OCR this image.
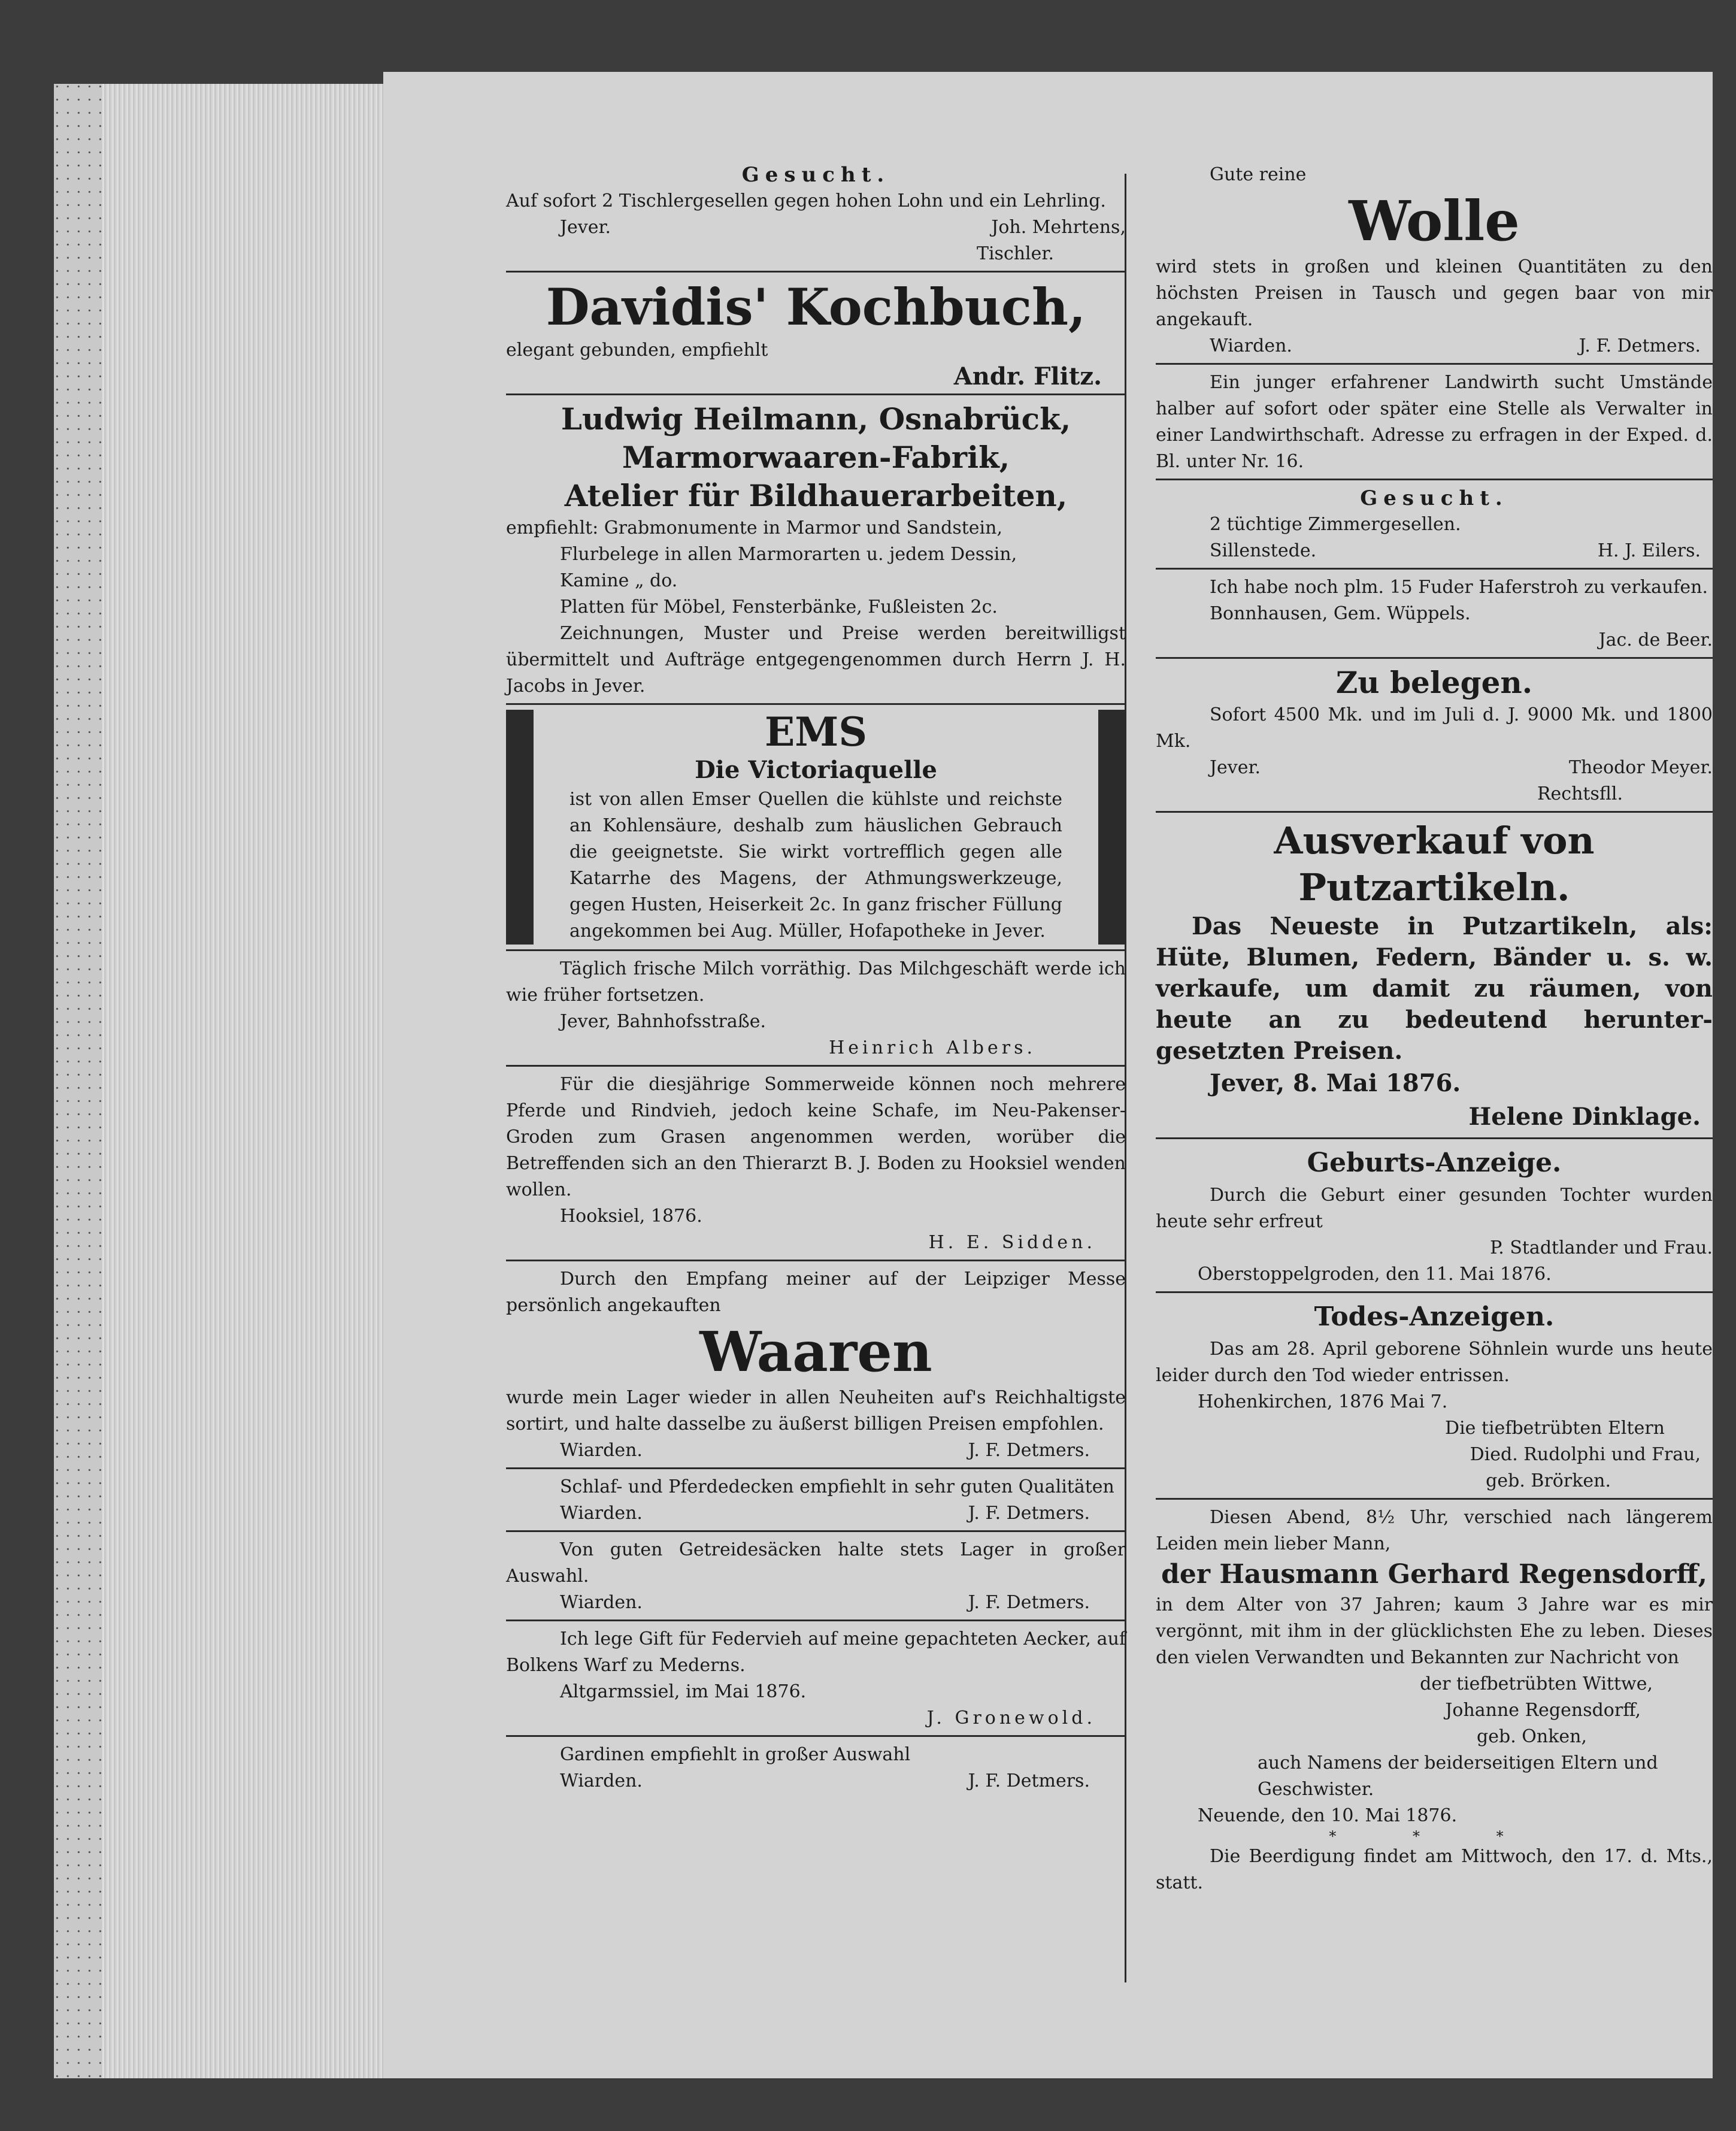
Gesucht.
Auf sofort 2 Tischlergesellen gegen hohen Lohn und ein Lehrling.
Jever.	Joh. Mehrtens,
Tischler.
Davidis' Kochbuch,
elegant gebunden, empfiehlt
Andr. Flitz.
Ludwig Heilmann, Osnabrück,
Marmorwaaren-Fabrik,
Atelier für Bildhauerarbeiten,
empfiehlt: Grabmonumente in Marmor und Sandstein,
Flurbelege in allen Marmorarten u. jedem Dessin,
Kamine „ do.
Platten für Möbel, Fensterbänke, Fußleisten 2c.
Zeichnungen, Muster und Preise werden bereitwilligst übermittelt und Aufträge entgegengenommen durch Herrn J. H. Jacobs in Jever.
EMS
Die Victoriaquelle
ist von allen Emser Quellen die kühlste und reichste an Kohlensäure, deshalb zum häuslichen Gebrauch die geeignetste. Sie wirkt vortrefflich gegen alle Katarrhe des Magens, der Athmungswerkzeuge, gegen Husten, Heiserkeit 2c. In ganz frischer Füllung angekommen bei Aug. Müller, Hofapotheke in Jever.
Täglich frische Milch vorräthig. Das Milchgeschäft werde ich wie früher fortsetzen.
Jever, Bahnhofsstraße.
Heinrich Albers.
Für die diesjährige Sommerweide können noch mehrere Pferde und Rindvieh, jedoch keine Schafe, im Neu-Pakenser-Groden zum Grasen angenommen werden, worüber die Betreffenden sich an den Thierarzt B. J. Boden zu Hooksiel wenden wollen.
Hooksiel, 1876.
H. E. Sidden.
Durch den Empfang meiner auf der Leipziger Messe persönlich angekauften
Waaren
wurde mein Lager wieder in allen Neuheiten auf's Reichhaltigste sortirt, und halte dasselbe zu äußerst billigen Preisen empfohlen.
Wiarden.	J. F. Detmers.
Schlaf- und Pferdedecken empfiehlt in sehr guten Qualitäten
Wiarden.	J. F. Detmers.
Von guten Getreidesäcken halte stets Lager in großer Auswahl.
Wiarden.	J. F. Detmers.
Ich lege Gift für Federvieh auf meine gepachteten Aecker, auf Bolkens Warf zu Mederns.
Altgarmssiel, im Mai 1876.
J. Gronewold.
Gardinen empfiehlt in großer Auswahl
Wiarden.	J. F. Detmers.
Gute reine
Wolle
wird stets in großen und kleinen Quantitäten zu den höchsten Preisen in Tausch und gegen baar von mir angekauft.
Wiarden.	J. F. Detmers.
Ein junger erfahrener Landwirth sucht Umstände halber auf sofort oder später eine Stelle als Verwalter in einer Landwirthschaft. Adresse zu erfragen in der Exped. d. Bl. unter Nr. 16.
Gesucht.
2 tüchtige Zimmergesellen.
Sillenstede.	H. J. Eilers.
Ich habe noch plm. 15 Fuder Haferstroh zu verkaufen.
Bonnhausen, Gem. Wüppels.
Jac. de Beer.
Zu belegen.
Sofort 4500 Mk. und im Juli d. J. 9000 Mk. und 1800 Mk.
Jever.	Theodor Meyer.
Rechtsfll.
Ausverkauf von Putzartikeln.
Das Neueste in Putzartikeln, als: Hüte, Blumen, Federn, Bänder u. s. w. verkaufe, um damit zu räumen, von heute an zu bedeutend heruntergesetzten Preisen.
Jever, 8. Mai 1876.
Helene Dinklage.
Geburts-Anzeige.
Durch die Geburt einer gesunden Tochter wurden heute sehr erfreut
P. Stadtlander und Frau.
Oberstoppelgroden, den 11. Mai 1876.
Todes-Anzeigen.
Das am 28. April geborene Söhnlein wurde uns heute leider durch den Tod wieder entrissen.
Hohenkirchen, 1876 Mai 7.
Die tiefbetrübten Eltern
Died. Rudolphi und Frau,
geb. Brörken.
Diesen Abend, 8½ Uhr, verschied nach längerem Leiden mein lieber Mann,
der Hausmann Gerhard Regensdorff,
in dem Alter von 37 Jahren; kaum 3 Jahre war es mir vergönnt, mit ihm in der glücklichsten Ehe zu leben. Dieses den vielen Verwandten und Bekannten zur Nachricht von
der tiefbetrübten Wittwe,
Johanne Regensdorff,
geb. Onken,
auch Namens der beiderseitigen Eltern und Geschwister.
Neuende, den 10. Mai 1876.
* * *
Die Beerdigung findet am Mittwoch, den 17. d. Mts., statt.
